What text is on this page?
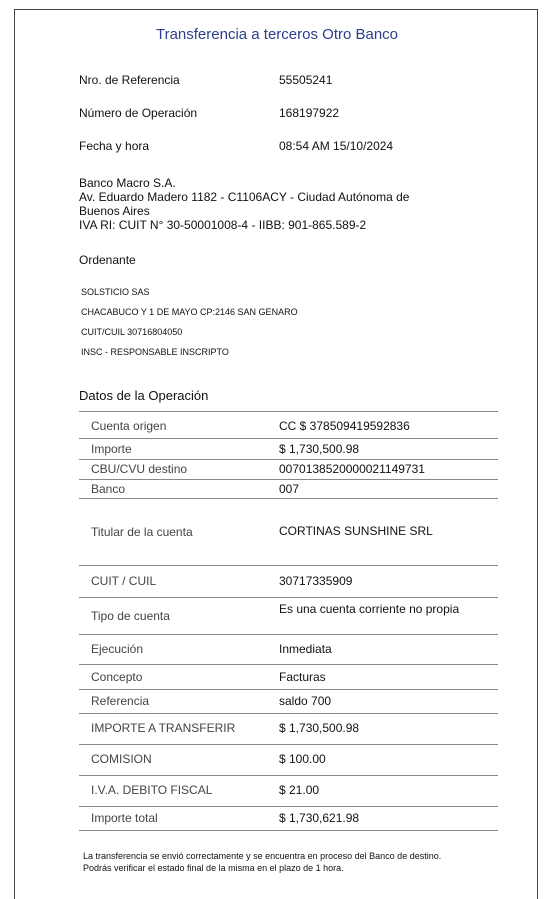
Transferencia a terceros Otro Banco
Nro. de Referencia	55505241
Número de Operación	168197922
Fecha y hora	08:54 AM 15/10/2024
Banco Macro S.A.
Av. Eduardo Madero 1182 - C1106ACY - Ciudad Autónoma de
Buenos Aires
IVA RI: CUIT N° 30-50001008-4 - IIBB: 901-865.589-2
Ordenante
SOLSTICIO SAS
CHACABUCO Y 1 DE MAYO CP:2146 SAN GENARO
CUIT/CUIL 30716804050
INSC - RESPONSABLE INSCRIPTO
Datos de la Operación
Cuenta origen	CC $ 378509419592836
Importe	$ 1,730,500.98
CBU/CVU destino	0070138520000021149731
Banco	007
Titular de la cuenta	CORTINAS SUNSHINE SRL
CUIT / CUIL	30717335909
Tipo de cuenta	Es una cuenta corriente no propia
Ejecución	Inmediata
Concepto	Facturas
Referencia	saldo 700
IMPORTE A TRANSFERIR	$ 1,730,500.98
COMISION	$ 100.00
I.V.A. DEBITO FISCAL	$ 21.00
Importe total	$ 1,730,621.98
La transferencia se envió correctamente y se encuentra en proceso del Banco de destino.
Podrás verificar el estado final de la misma en el plazo de 1 hora.
